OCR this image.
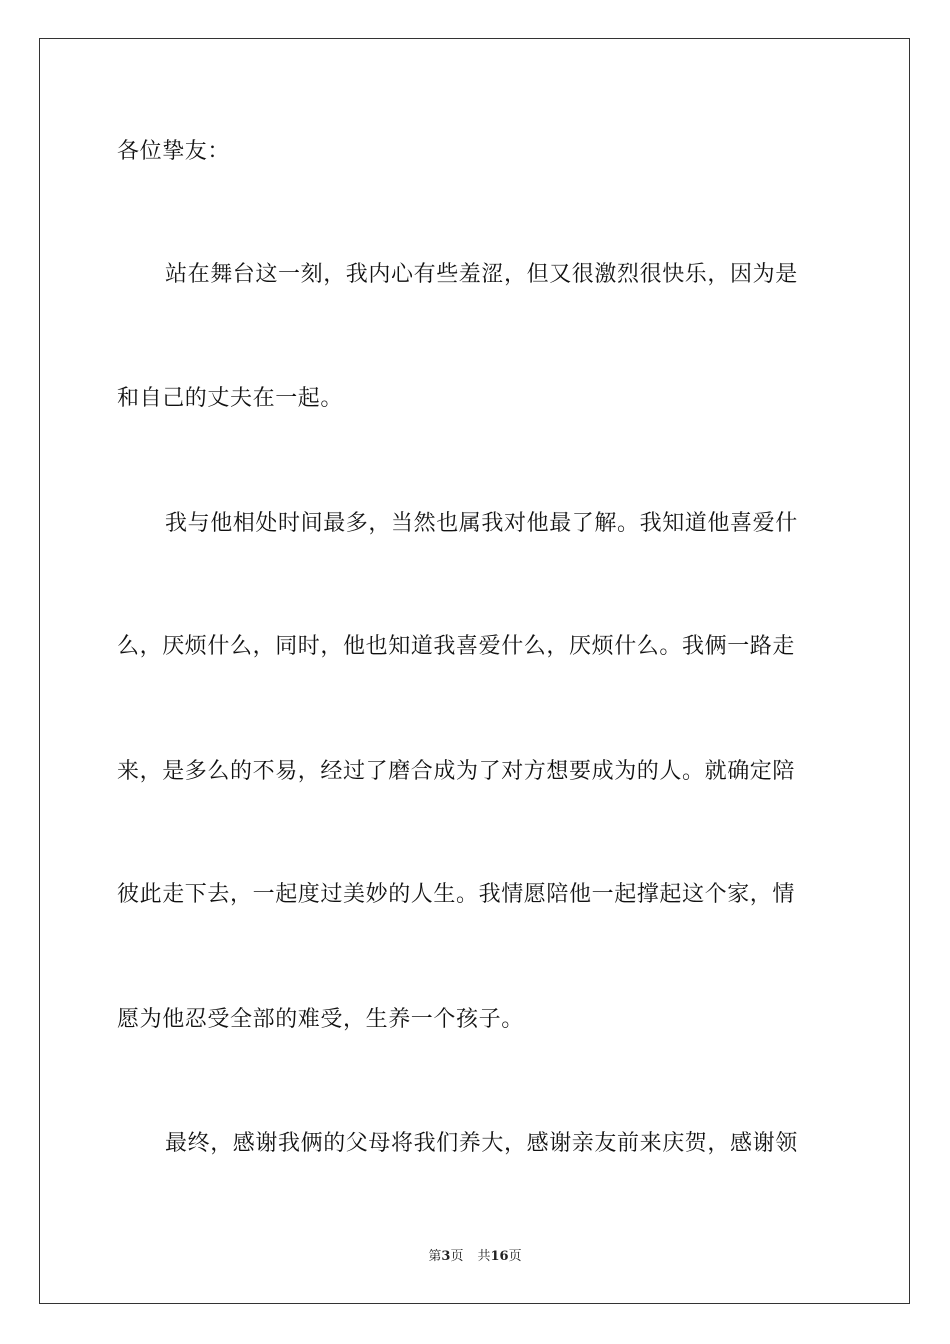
各位挚友：
站在舞台这一刻，我内心有些羞涩，但又很激烈很快乐，因为是
和自己的丈夫在一起。
我与他相处时间最多，当然也属我对他最了解。我知道他喜爱什
么，厌烦什么，同时，他也知道我喜爱什么，厌烦什么。我俩一路走
来，是多么的不易，经过了磨合成为了对方想要成为的人。就确定陪
彼此走下去，一起度过美妙的人生。我情愿陪他一起撑起这个家，情
愿为他忍受全部的难受，生养一个孩子。
最终，感谢我俩的父母将我们养大，感谢亲友前来庆贺，感谢领
第3页 共16页
